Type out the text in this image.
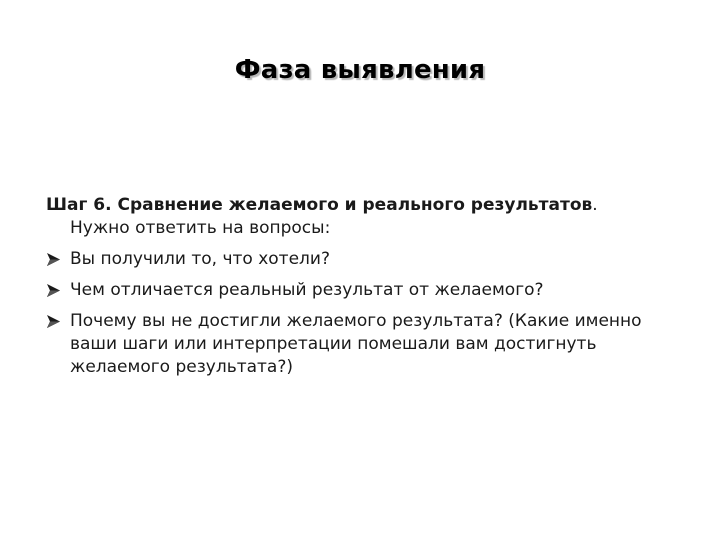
Фаза выявления

Шаг 6. Сравнение желаемого и реального результатов. Нужно ответить на вопросы:

Вы получили то, что хотели?
Чем отличается реальный результат от желаемого?
Почему вы не достигли желаемого результата? (Какие именно ваши шаги или интерпретации помешали вам достигнуть желаемого результата?)
